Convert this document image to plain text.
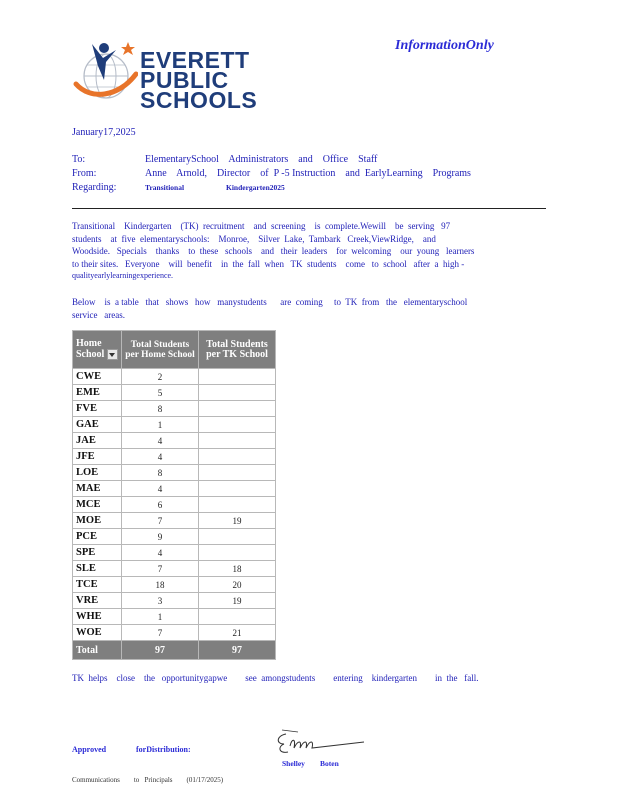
EVERETT
PUBLIC
SCHOOLS
InformationOnly
January17,2025
To:	ElementarySchool    Administrators    and    Office    Staff
From:	Anne    Arnold,    Director    of  P -5 Instruction    and  EarlyLearning    Programs
Regarding:	Transitional	Kindergarten2025
Transitional    Kindergarten    (TK)  recruitment    and  screening    is  complete.Wewill    be  serving   97
students    at  five  elementaryschools:    Monroe,    Silver  Lake,  Tambark   Creek,ViewRidge,    and
Woodside.   Specials    thanks    to  these   schools    and   their  leaders    for  welcoming    our  young   learners
to their sites.   Everyone    will  benefit    in  the  fall  when   TK  students    come   to  school   after  a  high -
qualityearlylearningexperience.
Below    is  a table   that   shows   how   manystudents      are  coming     to  TK  from   the   elementaryschool
service   areas.
Home School	Total Students per Home School	Total Students per TK School
CWE	2	
EME	5	
FVE	8	
GAE	1	
JAE	4	
JFE	4	
LOE	8	
MAE	4	
MCE	6	
MOE	7	19
PCE	9	
SPE	4	
SLE	7	18
TCE	18	20
VRE	3	19
WHE	1	
WOE	7	21
Total	97	97
TK  helps    close    the   opportunitygapwe        see  amongstudents        entering    kindergarten        in  the   fall.
Approved	forDistribution:
Shelley Boten
Communications        to   Principals        (01/17/2025)
